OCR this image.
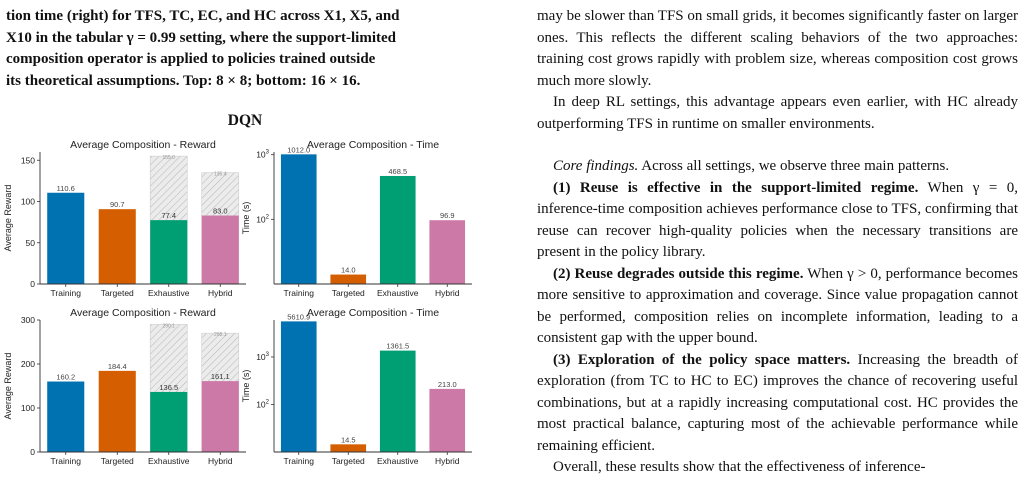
tion time (right) for TFS, TC, EC, and HC across X1, X5, and
X10 in the tabular γ = 0.99 setting, where the support-limited
composition operator is applied to policies trained outside
its theoretical assumptions. Top: 8 × 8; bottom: 16 × 16.
DQN
Average Composition - Reward
Average Reward
0
50
100
150
110.6
Training
90.7
Targeted
155.0
77.4
Exhaustive
135.4
83.0
Hybrid
Average Composition - Time
Time (s) $10^2$
$10^3$ 1012.0
Training
14.0
Targeted
468.5
Exhaustive
96.9
Hybrid
Average Composition - Reward
Average Reward
0
100
200
300
160.2
Training
184.4
Targeted
290.1
136.5
Exhaustive
268.1
161.1
Hybrid
Average Composition - Time
Time (s)
$10^2$
$10^3$
5610.9
Training
14.5
Targeted
1361.5
Exhaustive
213.0
Hybrid

may be slower than TFS on small grids, it becomes significantly faster on larger ones. This reflects the different scaling behaviors of the two approaches: training cost grows rapidly with problem size, whereas composition cost grows much more slowly.

In deep RL settings, this advantage appears even earlier, with HC already outperforming TFS in runtime on smaller environments.

Core findings. Across all settings, we observe three main patterns.

(1) Reuse is effective in the support-limited regime. When γ = 0, inference-time composition achieves performance close to TFS, confirming that reuse can recover high-quality policies when the necessary transitions are present in the policy library.

(2) Reuse degrades outside this regime. When γ > 0, performance becomes more sensitive to approximation and coverage. Since value propagation cannot be performed, composition relies on incomplete information, leading to a consistent gap with the upper bound.

(3) Exploration of the policy space matters. Increasing the breadth of exploration (from TC to HC to EC) improves the chance of recovering useful combinations, but at a rapidly increasing computational cost. HC provides the most practical balance, capturing most of the achievable performance while remaining efficient.

Overall, these results show that the effectiveness of inference-
